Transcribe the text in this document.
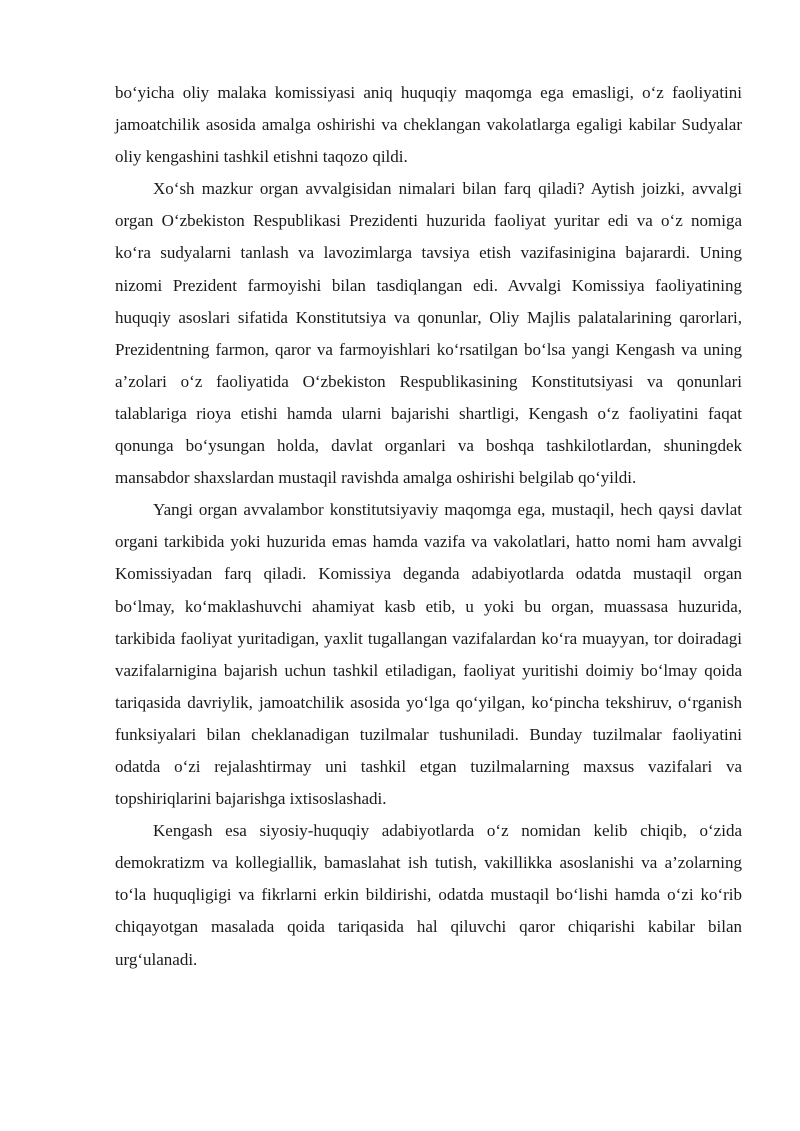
bo‘yicha oliy malaka komissiyasi aniq huquqiy maqomga ega emasligi, o‘z faoliyatini jamoatchilik asosida amalga oshirishi va cheklangan vakolatlarga egaligi kabilar Sudyalar oliy kengashini tashkil etishni taqozo qildi.

Xo‘sh mazkur organ avvalgisidan nimalari bilan farq qiladi? Aytish joizki, avvalgi organ O‘zbekiston Respublikasi Prezidenti huzurida faoliyat yuritar edi va o‘z nomiga ko‘ra sudyalarni tanlash va lavozimlarga tavsiya etish vazifasinigina bajarardi. Uning nizomi Prezident farmoyishi bilan tasdiqlangan edi. Avvalgi Komissiya faoliyatining huquqiy asoslari sifatida Konstitutsiya va qonunlar, Oliy Majlis palatalarining qarorlari, Prezidentning farmon, qaror va farmoyishlari ko‘rsatilgan bo‘lsa yangi Kengash va uning a’zolari o‘z faoliyatida O‘zbekiston Respublikasining Konstitutsiyasi va qonunlari talablariga rioya etishi hamda ularni bajarishi shartligi, Kengash o‘z faoliyatini faqat qonunga bo‘ysungan holda, davlat organlari va boshqa tashkilotlardan, shuningdek mansabdor shaxslardan mustaqil ravishda amalga oshirishi belgilab qo‘yildi.

Yangi organ avvalambor konstitutsiyaviy maqomga ega, mustaqil, hech qaysi davlat organi tarkibida yoki huzurida emas hamda vazifa va vakolatlari, hatto nomi ham avvalgi Komissiyadan farq qiladi. Komissiya deganda adabiyotlarda odatda mustaqil organ bo‘lmay, ko‘maklashuvchi ahamiyat kasb etib, u yoki bu organ, muassasa huzurida, tarkibida faoliyat yuritadigan, yaxlit tugallangan vazifalardan ko‘ra muayyan, tor doiradagi vazifalarnigina bajarish uchun tashkil etiladigan, faoliyat yuritishi doimiy bo‘lmay qoida tariqasida davriylik, jamoatchilik asosida yo‘lga qo‘yilgan, ko‘pincha tekshiruv, o‘rganish funksiyalari bilan cheklanadigan tuzilmalar tushuniladi. Bunday tuzilmalar faoliyatini odatda o‘zi rejalashtirmay uni tashkil etgan tuzilmalarning maxsus vazifalari va topshiriqlarini bajarishga ixtisoslashadi.

Kengash esa siyosiy-huquqiy adabiyotlarda o‘z nomidan kelib chiqib, o‘zida demokratizm va kollegiallik, bamaslahat ish tutish, vakillikka asoslanishi va a’zolarning to‘la huquqligigi va fikrlarni erkin bildirishi, odatda mustaqil bo‘lishi hamda o‘zi ko‘rib chiqayotgan masalada qoida tariqasida hal qiluvchi qaror chiqarishi kabilar bilan urg‘ulanadi.
